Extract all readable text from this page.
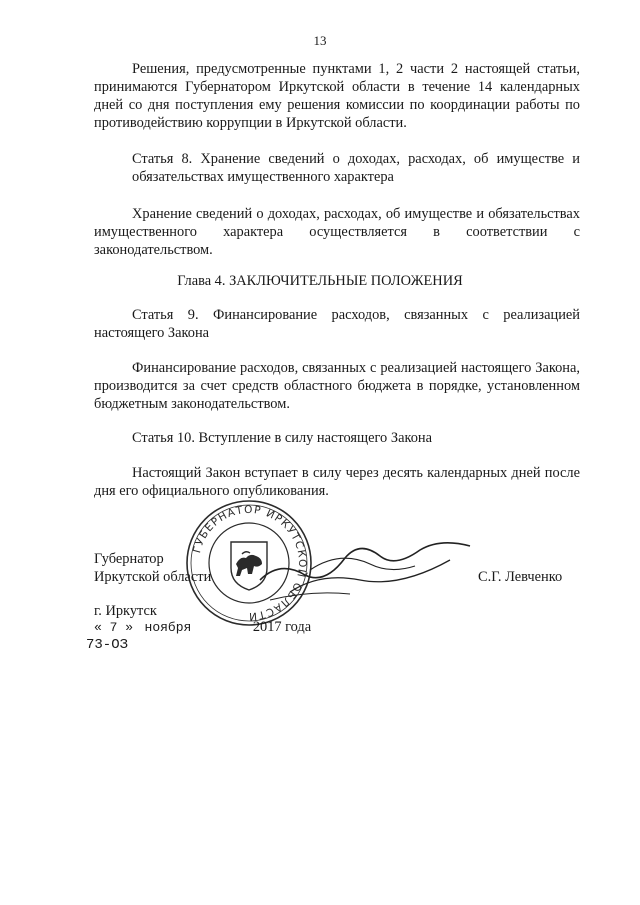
13

Решения, предусмотренные пунктами 1, 2 части 2 настоящей статьи, принимаются Губернатором Иркутской области в течение 14 календарных дней со дня поступления ему решения комиссии по координации работы по противодействию коррупции в Иркутской области.

Статья 8. Хранение сведений о доходах, расходах, об имуществе и обязательствах имущественного характера

Хранение сведений о доходах, расходах, об имуществе и обязательствах имущественного характера осуществляется в соответствии с законодательством.

Глава 4. ЗАКЛЮЧИТЕЛЬНЫЕ ПОЛОЖЕНИЯ

Статья 9. Финансирование расходов, связанных с реализацией настоящего Закона

Финансирование расходов, связанных с реализацией настоящего Закона, производится за счет средств областного бюджета в порядке, установленном бюджетным законодательством.

Статья 10. Вступление в силу настоящего Закона

Настоящий Закон вступает в силу через десять календарных дней после дня его официального опубликования.

ГУБЕРНАТОР ИРКУТСКОЙ ОБЛАСТИ
Губернатор
Иркутской области	С.Г. Левченко
г. Иркутск
« 7 » ноября	2017 года
73-ОЗ
